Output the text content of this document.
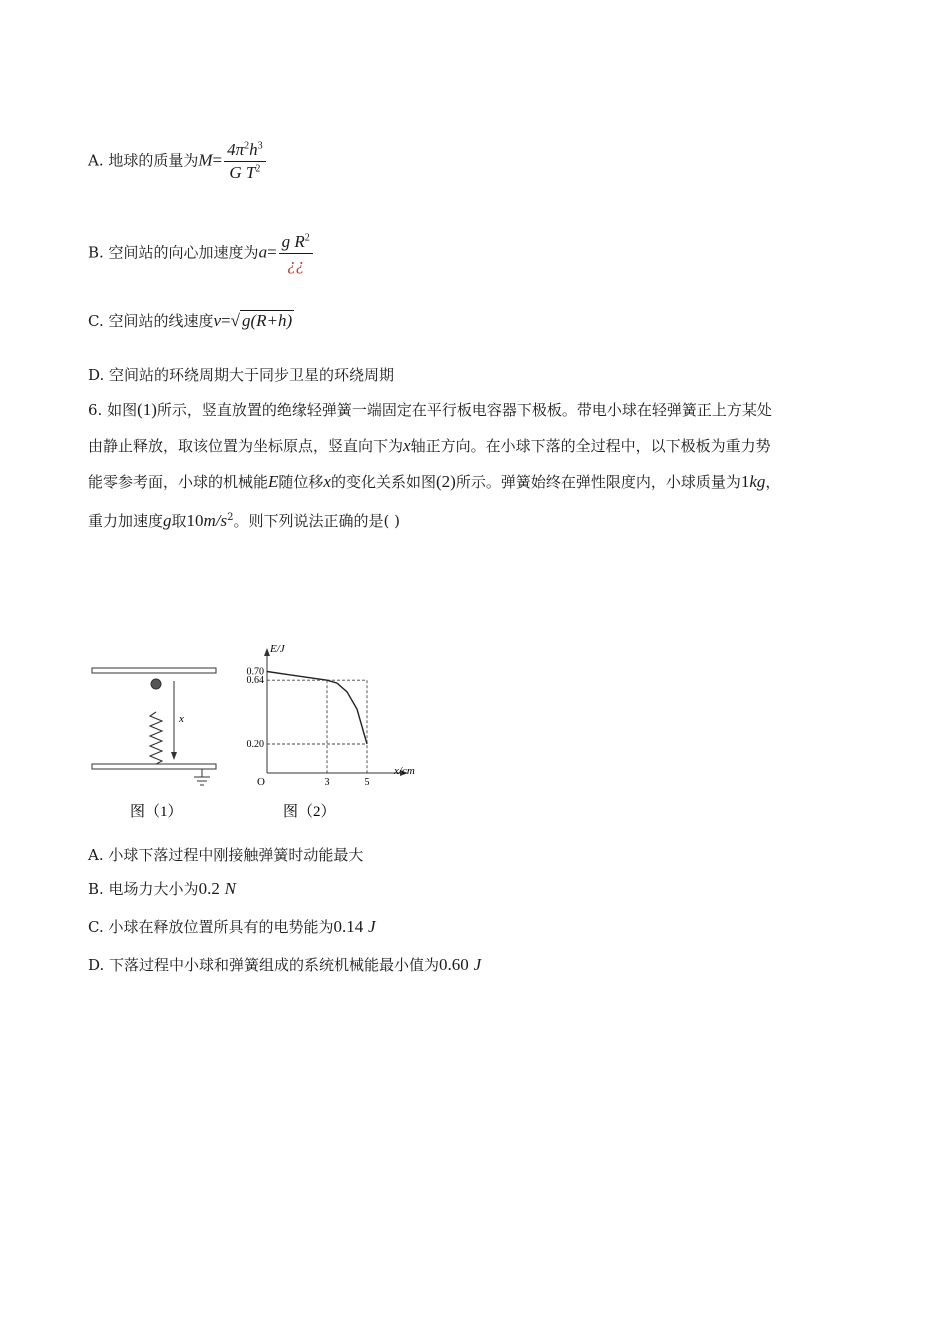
A. 地球的质量为$M= \frac{4\pi^2h^3}{G T^2}$
B. 空间站的向心加速度为$a= \frac{g R^2}{¿¿}$
C. 空间站的线速度v=√ g(R+h)
D. 空间站的环绕周期大于同步卫星的环绕周期
6. 如图(1)所示，竖直放置的绝缘轻弹簧一端固定在平行板电容器下极板。带电小球在轻弹簧正上方某处
由静止释放，取该位置为坐标原点，竖直向下为x轴正方向。在小球下落的全过程中，以下极板为重力势
能零参考面，小球的机械能E随位移x的变化关系如图(2)所示。弹簧始终在弹性限度内，小球质量为1kg，
重力加速度g取$10m/s^2$。则下列说法正确的是( )
x
图（1）
E/J
x/cm
O
0.70
0.64
0.20
3	5
图（2）
A. 小球下落过程中刚接触弹簧时动能最大
B. 电场力大小为0.2 N
C. 小球在释放位置所具有的电势能为0.14 J
D. 下落过程中小球和弹簧组成的系统机械能最小值为0.60 J
